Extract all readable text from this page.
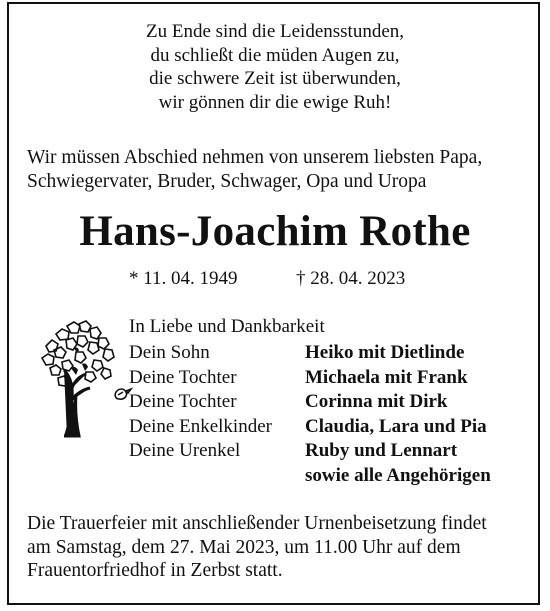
Zu Ende sind die Leidensstunden,
du schließt die müden Augen zu,
die schwere Zeit ist überwunden,
wir gönnen dir die ewige Ruh!
Wir müssen Abschied nehmen von unserem liebsten Papa,
Schwiegervater, Bruder, Schwager, Opa und Uropa
Hans-Joachim Rothe
* 11. 04. 1949	† 28. 04. 2023
In Liebe und Dankbarkeit
Dein Sohn	Heiko mit Dietlinde
Deine Tochter	Michaela mit Frank
Deine Tochter	Corinna mit Dirk
Deine Enkelkinder	Claudia, Lara und Pia
Deine Urenkel	Ruby und Lennart
	sowie alle Angehörigen
Die Trauerfeier mit anschließender Urnenbeisetzung findet
am Samstag, dem 27. Mai 2023, um 11.00 Uhr auf dem
Frauentorfriedhof in Zerbst statt.
